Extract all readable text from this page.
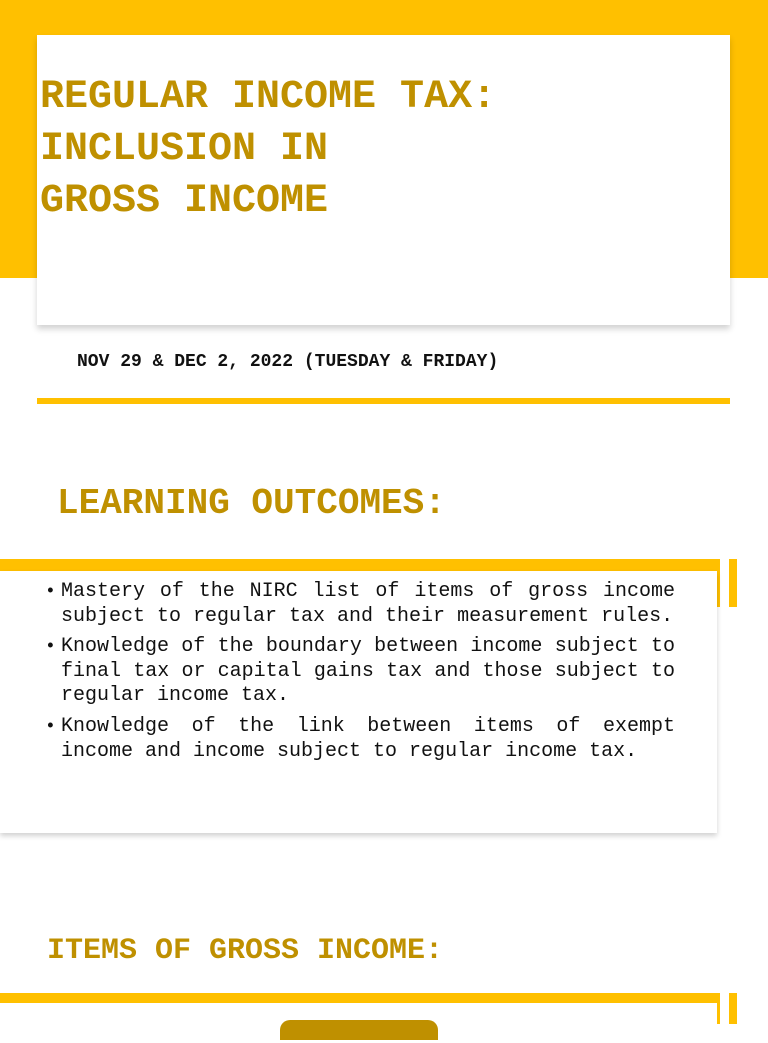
REGULAR INCOME TAX:
INCLUSION IN
GROSS INCOME

NOV 29 & DEC 2, 2022 (TUESDAY & FRIDAY)

LEARNING OUTCOMES:
• Mastery of the NIRC list of items of gross income subject to regular tax and their measurement rules.
• Knowledge of the boundary between income subject to final tax or capital gains tax and those subject to regular income tax.
• Knowledge of the link between items of exempt income and income subject to regular income tax.
ITEMS OF GROSS INCOME:
